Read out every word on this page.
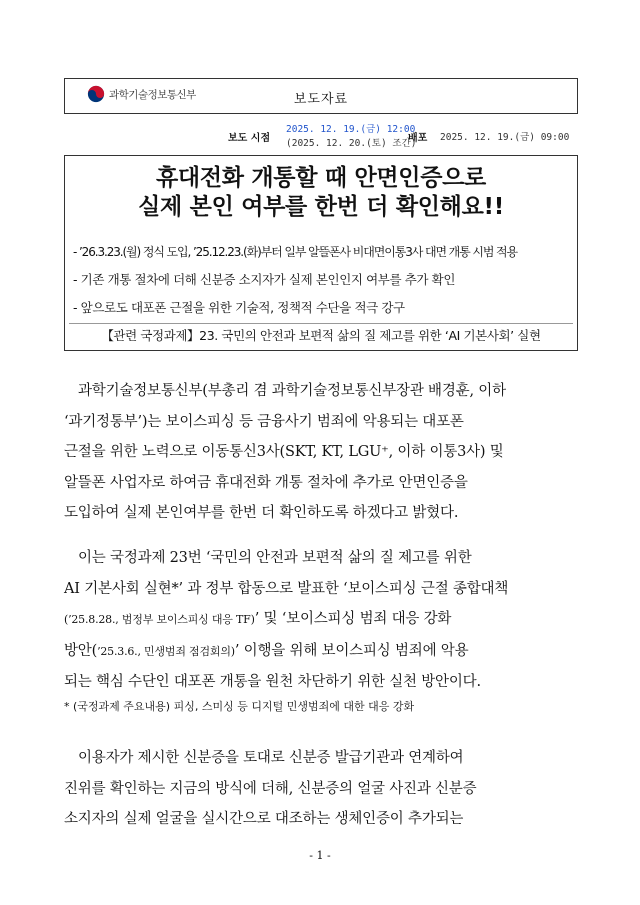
과학기술정보통신부	보도자료
보도 시점
2025. 12. 19.(금) 12:00
(2025. 12. 20.(토) 조간)
배포 2025. 12. 19.(금) 09:00
휴대전화 개통할 때 안면인증으로
실제 본인 여부를 한번 더 확인해요!!
- ’26.3.23.(월) 정식 도입, ’25.12.23.(화)부터 일부 알뜰폰사 비대면이통3사 대면 개통 시범 적용
- 기존 개통 절차에 더해 신분증 소지자가 실제 본인인지 여부를 추가 확인
- 앞으로도 대포폰 근절을 위한 기술적, 정책적 수단을 적극 강구
【관련 국정과제】23. 국민의 안전과 보편적 삶의 질 제고를 위한 ‘AI 기본사회’ 실현

과학기술정보통신부(부총리 겸 과학기술정보통신부장관 배경훈, 이하

‘과기정통부’)는 보이스피싱 등 금융사기 범죄에 악용되는 대포폰

근절을 위한 노력으로 이동통신3사(SKT, KT, LGU⁺, 이하 이통3사) 및

알뜰폰 사업자로 하여금 휴대전화 개통 절차에 추가로 안면인증을

도입하여 실제 본인여부를 한번 더 확인하도록 하겠다고 밝혔다.

이는 국정과제 23번 ‘국민의 안전과 보편적 삶의 질 제고를 위한

AI 기본사회 실현*’ 과 정부 합동으로 발표한 ‘보이스피싱 근절 종합대책

(’25.8.28., 범정부 보이스피싱 대응 TF)’ 및 ‘보이스피싱 범죄 대응 강화

방안(’25.3.6., 민생범죄 점검회의)’ 이행을 위해 보이스피싱 범죄에 악용

되는 핵심 수단인 대포폰 개통을 원천 차단하기 위한 실천 방안이다.

* (국정과제 주요내용) 피싱, 스미싱 등 디지털 민생범죄에 대한 대응 강화

이용자가 제시한 신분증을 토대로 신분증 발급기관과 연계하여

진위를 확인하는 지금의 방식에 더해, 신분증의 얼굴 사진과 신분증

소지자의 실제 얼굴을 실시간으로 대조하는 생체인증이 추가되는

- 1 -
